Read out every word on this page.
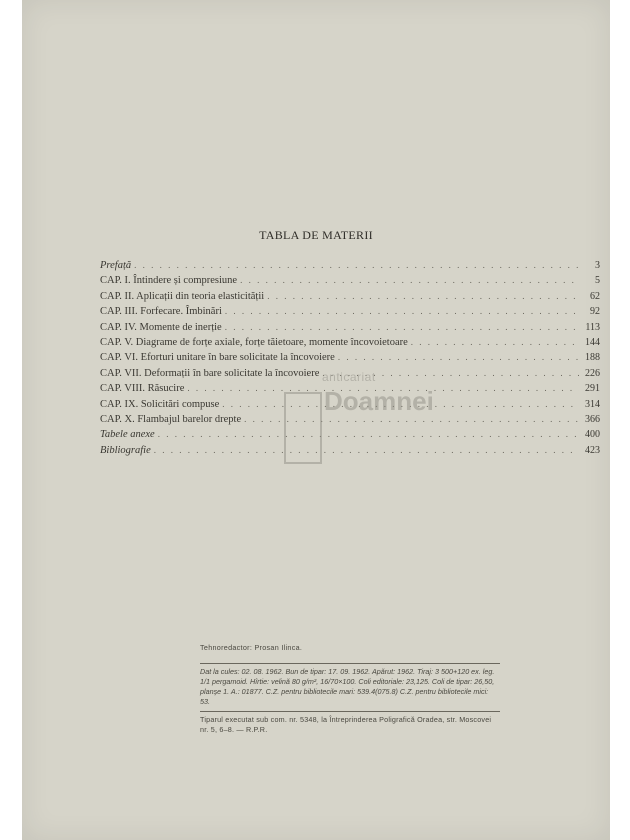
TABLA DE MATERII
Prefață . . .	3
CAP. I. Întindere și compresiune . . .	5
CAP. II. Aplicații din teoria elasticității . . .	62
CAP. III. Forfecare. Îmbinări . . .	92
CAP. IV. Momente de inerție . . .	113
CAP. V. Diagrame de forțe axiale, forțe tăietoare, momente încovoietoare . . .	144
CAP. VI. Eforturi unitare în bare solicitate la încovoiere . . .	188
CAP. VII. Deformații în bare solicitate la încovoiere . . .	226
CAP. VIII. Răsucire . . .	291
CAP. IX. Solicitări compuse . . .	314
CAP. X. Flambajul barelor drepte . . .	366
Tabele anexe . . .	400
Bibliografie . . .	423
anticariat
Doamnei
Tehnoredactor: Prosan Ilinca.
Dat la cules: 02. 08. 1962. Bun de tipar: 17. 09. 1962. Apărut: 1962. Tiraj: 3 500+120 ex. leg. 1/1 pergamoid. Hîrtie: velină 80 g/m², 16/70×100. Coli editoriale: 23,125. Coli de tipar: 26,50, planșe 1. A.: 01877. C.Z. pentru bibliotecile mari: 539.4(075.8) C.Z. pentru bibliotecile mici: 53.
Tiparul executat sub com. nr. 5348, la Întreprinderea Poligrafică Oradea, str. Moscovei nr. 5, 6–8. — R.P.R.
